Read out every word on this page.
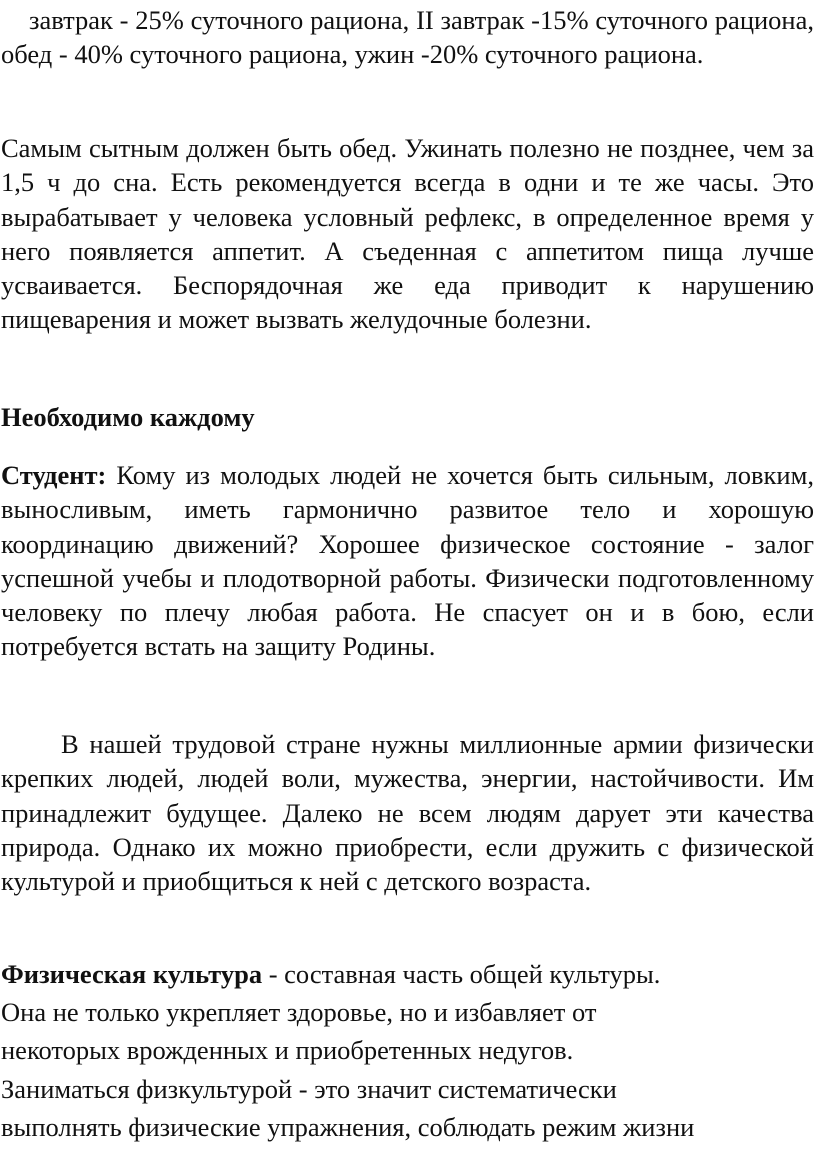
завтрак - 25% суточного рациона, II завтрак -15% суточного рациона, обед - 40% суточного рациона, ужин -20% суточного рациона.

Самым сытным должен быть обед. Ужинать полезно не позднее, чем за 1,5 ч до сна. Есть рекомендуется всегда в одни и те же часы. Это вырабатывает у человека условный рефлекс, в определенное время у него появляется аппетит. А съеденная с аппетитом пища лучше усваивается. Беспорядочная же еда приводит к нарушению пищеварения и может вызвать желудочные болезни.

Необходимо каждому

Студент: Кому из молодых людей не хочется быть сильным, ловким, выносливым, иметь гармонично развитое тело и хорошую координацию движений? Хорошее физическое состояние - залог успешной учебы и плодотворной работы. Физически подготовленному человеку по плечу любая работа. Не спасует он и в бою, если потребуется встать на защиту Родины.

В нашей трудовой стране нужны миллионные армии физически крепких людей, людей воли, мужества, энергии, настойчивости. Им принадлежит будущее. Далеко не всем людям дарует эти качества природа. Однако их можно приобрести, если дружить с физической культурой и приобщиться к ней с детского возраста.

Физическая культура - составная часть общей культуры.
Она не только укрепляет здоровье, но и избавляет от
некоторых врожденных и приобретенных недугов.
Заниматься физкультурой - это значит систематически
выполнять физические упражнения, соблюдать режим жизни
